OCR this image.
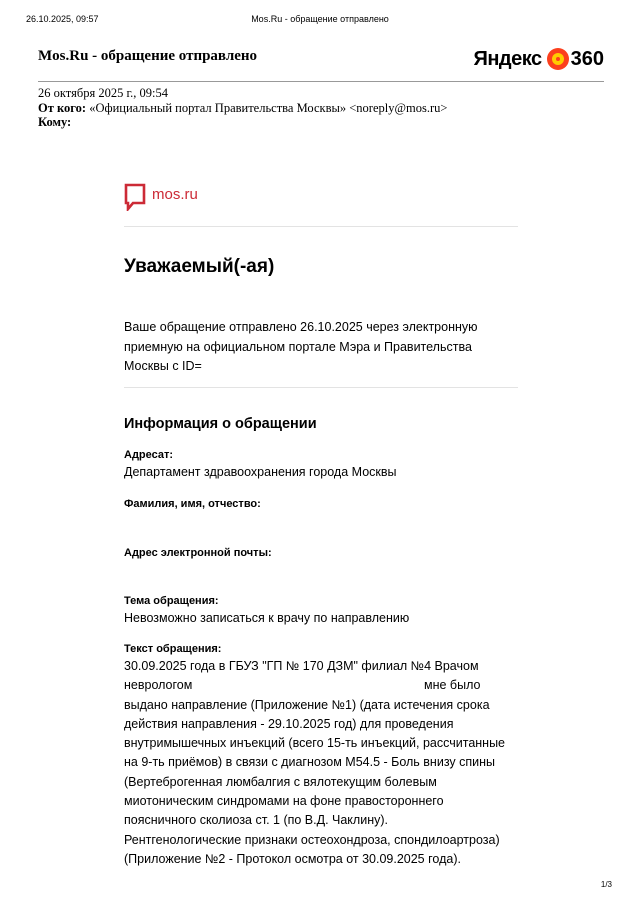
26.10.2025, 09:57	Mos.Ru - обращение отправлено
Mos.Ru - обращение отправлено	Яндекс 360
26 октября 2025 г., 09:54
От кого: «Официальный портал Правительства Москвы» <noreply@mos.ru>
Кому:
mos.ru
Уважаемый(-ая)
Ваше обращение отправлено 26.10.2025 через электронную
приемную на официальном портале Мэра и Правительства
Москвы с ID=
Информация о обращении
Адресат:
Департамент здравоохранения города Москвы
Фамилия, имя, отчество:
Адрес электронной почты:
Тема обращения:
Невозможно записаться к врачу по направлению
Текст обращения:
30.09.2025 года в ГБУЗ "ГП № 170 ДЗМ" филиал №4 Врачом
неврологом	мне было
выдано направление (Приложение №1) (дата истечения срока
действия направления - 29.10.2025 год) для проведения
внутримышечных инъекций (всего 15-ть инъекций, рассчитанные
на 9-ть приёмов) в связи с диагнозом M54.5 - Боль внизу спины
(Вертеброгенная люмбалгия с вялотекущим болевым
миотоническим синдромами на фоне правостороннего
поясничного сколиоза ст. 1 (по В.Д. Чаклину).
Рентгенологические признаки остеохондроза, спондилоартроза)
(Приложение №2 - Протокол осмотра от 30.09.2025 года).
1/3
